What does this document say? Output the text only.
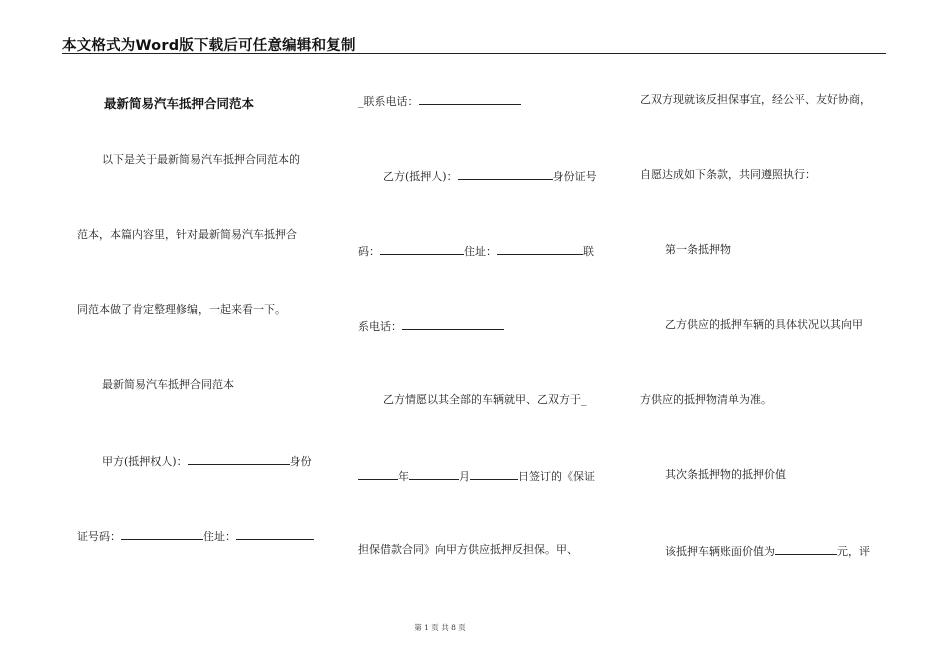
本文格式为Word版下载后可任意编辑和复制
最新简易汽车抵押合同范本
以下是关于最新简易汽车抵押合同范本的
范本，本篇内容里，针对最新简易汽车抵押合
同范本做了肯定整理修编，一起来看一下。
最新简易汽车抵押合同范本
甲方(抵押权人)：	身份
证号码：	住址：
_联系电话：
乙方(抵押人)：	身份证号
码：	住址：	联
系电话：
乙方情愿以其全部的车辆就甲、乙双方于_
年	月	日签订的《保证
担保借款合同》向甲方供应抵押反担保。甲、
乙双方现就该反担保事宜，经公平、友好协商，
自愿达成如下条款，共同遵照执行：
第一条抵押物
乙方供应的抵押车辆的具体状况以其向甲
方供应的抵押物清单为准。
其次条抵押物的抵押价值
该抵押车辆账面价值为	元，评
第 1 页 共 8 页
